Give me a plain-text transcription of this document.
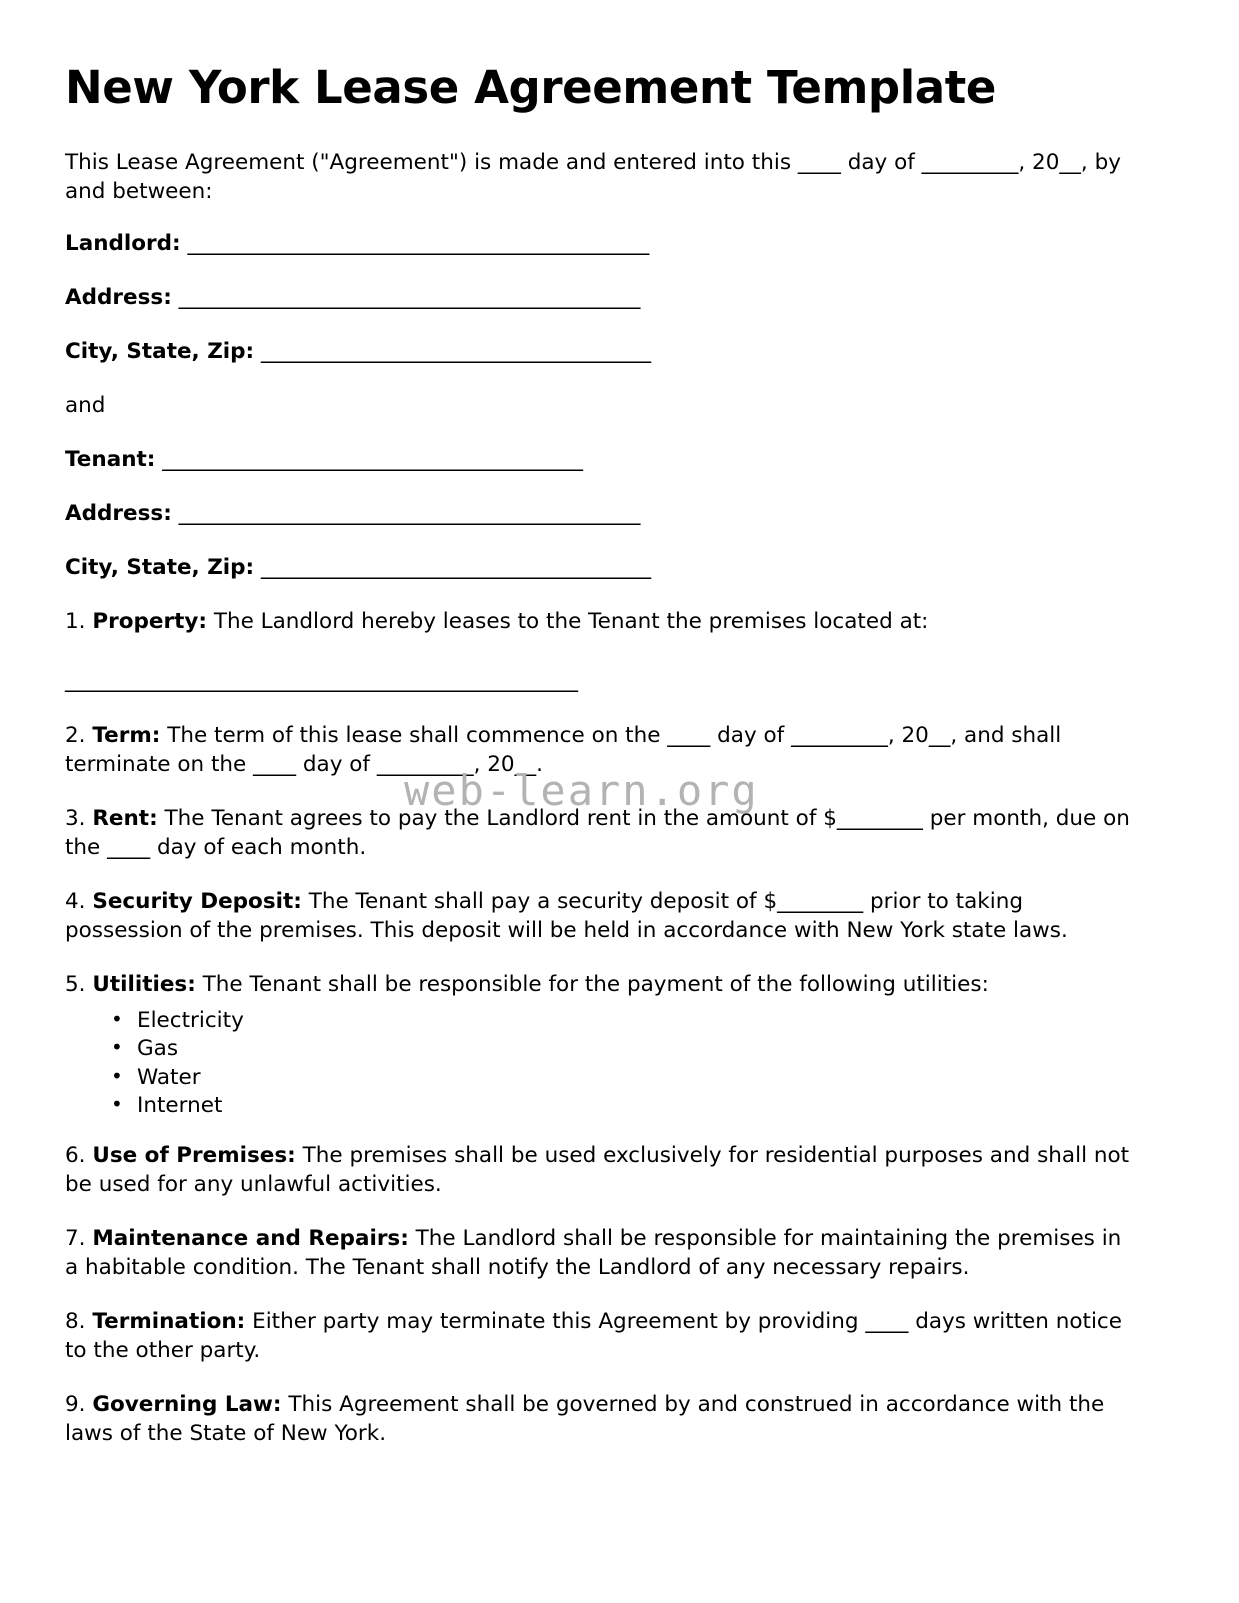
web-learn.org
New York Lease Agreement Template

This Lease Agreement ("Agreement") is made and entered into this ____ day of _________, 20__, by and between:

Landlord: _____________________________________________
Address: _____________________________________________
City, State, Zip: ______________________________________
and
Tenant: _________________________________________
Address: _____________________________________________
City, State, Zip: ______________________________________

1. Property: The Landlord hereby leases to the Tenant the premises located at:

__________________________________________________

2. Term: The term of this lease shall commence on the ____ day of _________, 20__, and shall terminate on the ____ day of _________, 20__.

3. Rent: The Tenant agrees to pay the Landlord rent in the amount of $________ per month, due on the ____ day of each month.

4. Security Deposit: The Tenant shall pay a security deposit of $________ prior to taking possession of the premises. This deposit will be held in accordance with New York state laws.

5. Utilities: The Tenant shall be responsible for the payment of the following utilities:

• Electricity
• Gas
• Water
• Internet

6. Use of Premises: The premises shall be used exclusively for residential purposes and shall not be used for any unlawful activities.

7. Maintenance and Repairs: The Landlord shall be responsible for maintaining the premises in a habitable condition. The Tenant shall notify the Landlord of any necessary repairs.

8. Termination: Either party may terminate this Agreement by providing ____ days written notice to the other party.

9. Governing Law: This Agreement shall be governed by and construed in accordance with the laws of the State of New York.
